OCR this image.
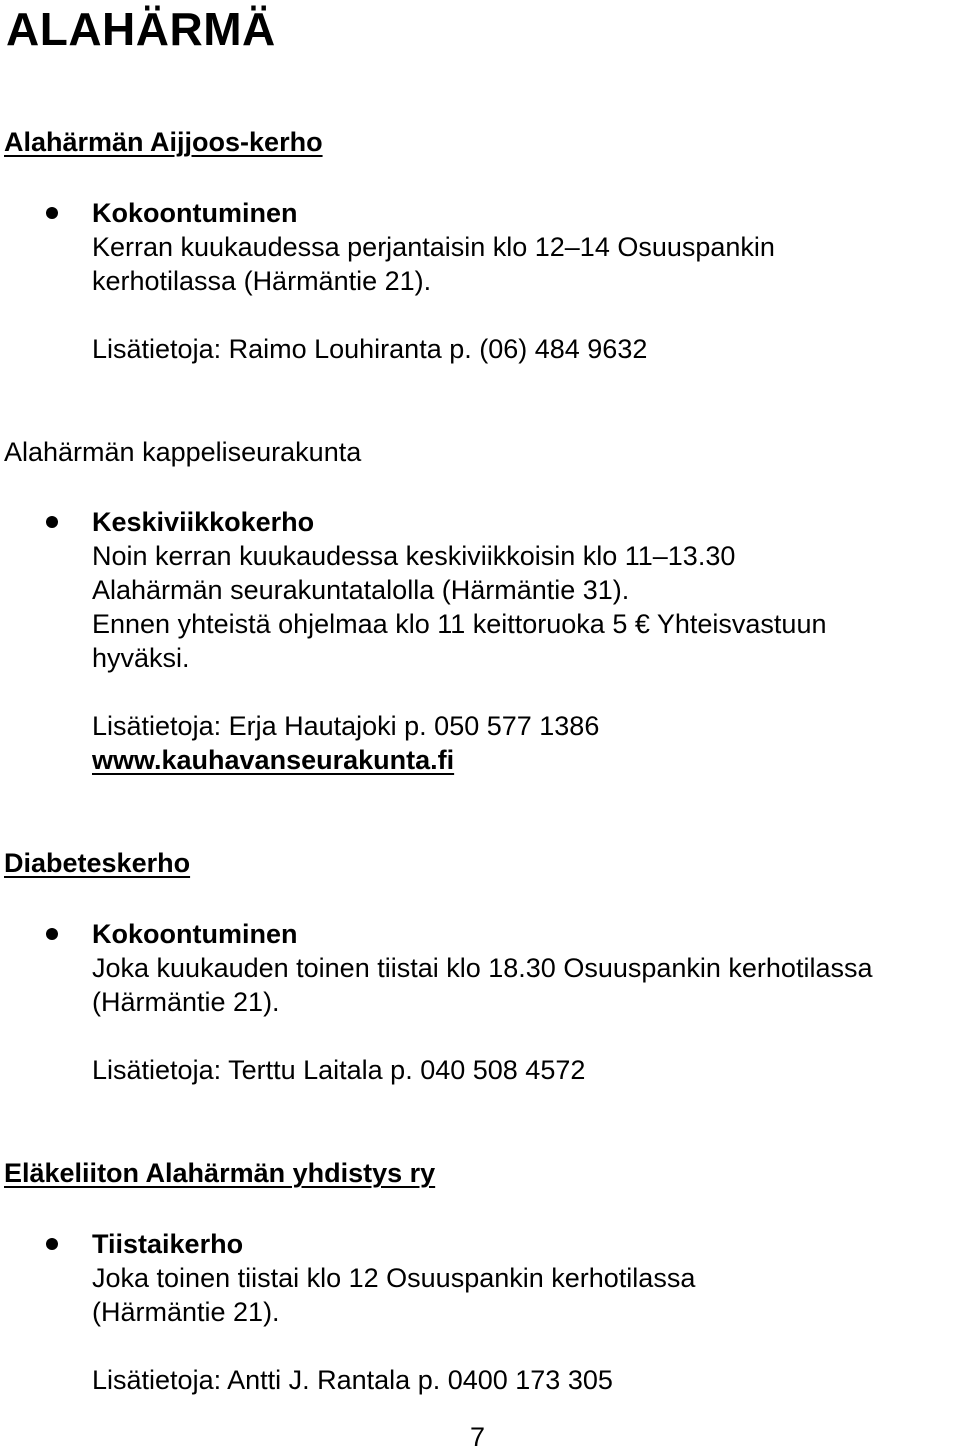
ALAHÄRMÄ
Alahärmän Aijjoos-kerho
Kokoontuminen
Kerran kuukaudessa perjantaisin klo 12–14 Osuuspankin
kerhotilassa (Härmäntie 21).
Lisätietoja: Raimo Louhiranta p. (06) 484 9632
Alahärmän kappeliseurakunta
Keskiviikkokerho
Noin kerran kuukaudessa keskiviikkoisin klo 11–13.30
Alahärmän seurakuntatalolla (Härmäntie 31).
Ennen yhteistä ohjelmaa klo 11 keittoruoka 5 € Yhteisvastuun
hyväksi.
Lisätietoja: Erja Hautajoki p. 050 577 1386
www.kauhavanseurakunta.fi
Diabeteskerho
Kokoontuminen
Joka kuukauden toinen tiistai klo 18.30 Osuuspankin kerhotilassa
(Härmäntie 21).
Lisätietoja: Terttu Laitala p. 040 508 4572
Eläkeliiton Alahärmän yhdistys ry
Tiistaikerho
Joka toinen tiistai klo 12 Osuuspankin kerhotilassa
(Härmäntie 21).
Lisätietoja: Antti J. Rantala p. 0400 173 305
7
